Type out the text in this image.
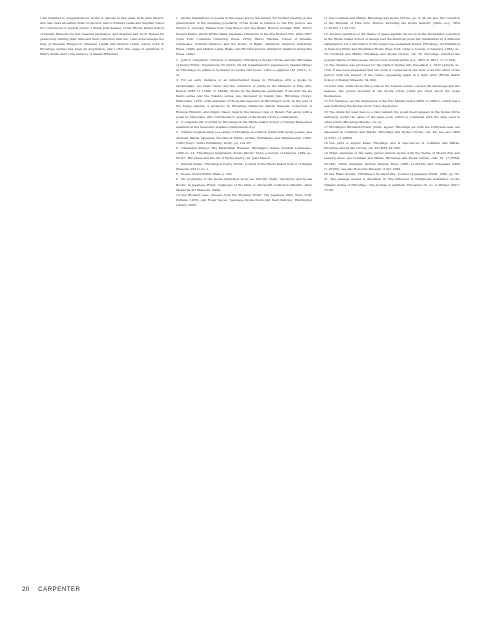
I am indebted to suggestions for works to discuss in this essay from Julia Meech, who also read an earlier draft of the text, and to Edward Lamb and Stephen Cabot for corrections of several points. I thank Joan Kenney of the Rhode Island School of Design Museum for her cheerful assistance, and Stephen and Scott Hessel for generously sharing their time and their collection with me. I also acknowledge the help of Suzanne Ringwood, Shannon Liptak and Andrew Lamb, whose work in Hiroshige studies has been an inspiration, and I offer this essay in gratitude to Henry Smith and to the memory of Sasaki Mitsuhiro.

1 All the translations of poems in this essay are by the author. For further reading on the phenomenon of the enduring popularity of the kyoka in relation to the Edo period, see Cheryl A. Crowley, Haikai Poet Yosa Buson and the Basho Revival (Leiden: Brill, 2007); Donald Keene, World Within Walls: Japanese Literature of the Pre-Modern Era, 1600–1867 (New York: Columbia University Press, 1976); Haruo Shirane, Traces of Dreams: Landscape, Cultural Memory, and the Poetry of Basho (Stanford: Stanford University Press, 1998); and Makoto Ueda, Basho and His Interpreters (Stanford: Stanford University Press, 1992).

2 John T. Carpenter, 'Textures of Antiquity: Hiroshige's Kyoka Circles and the Patronage of Poetry Prints,' Impressions 33 (2012): 42–63; translated into Japanese by Tanaka Shingo as 'Hiroshige no jukkai to kyokaren no kyoka zuri mono,' Ukiyo-e geijutsu 161 (2011): 5–21.

3 For an early instance of an immortalized image by Hiroshige with a kyoka by Shokusanjin, see Henri Vever and the collection of prints in the Museum of Fine Arts, Boston (MFA 11.17498, 11.18049). Works by the Meikyoku gentleman, from both the Ise Kaido series and the Tokaido series, are discussed in Suzuki Juzo, Hiroshige (Tokyo: Heibonsha, 1970), with examples of the kyoka sequence in Hiroshige's work. In the year of the Tempo famine, a surimono by Hiroshige (Shimoda: Kanda Museum; Collection of Hokuga Hidehiro and Kinjiro Yasui) depicts the famous view of Mount Fuji along with a poem by Shiyuyabe, who contributed to several of the Kyoka Circle's celebrations.

4 A complete list of prints by Hiroshige in the Rhode Island School of Design Museum is available at the museum's website (risdmuseum.org).

5 Tokaido Gojusan-tsugi is a series of Hiroshige woodblock prints with kyoka poems. See Andreas Marks, Japanese Woodblock Prints: Artists, Publishers and Masterworks, 1680–1900 (Tokyo: Tuttle Publishing, 2010), pp. 122–25.

6 Nakamura Kimpei 'The Katsushika Hokusai, Hiroshige's Series Oriental Landscape, 1996' no. 14. 'Hiroshige's Inspiration: Poetic Parody' Ukiyo-e Society of America, 1999, pp. 83–97; 'Hiroshige and the Art of Kyoka Poetry,' ed. Julia Meech.

7 Kikuchi Sadao, 'Hiroshige's Poetry Prints,' Journal of the Rhode Island School of Design Museum (2011), no. 1.

8 Keene, World Within Walls, p. 560.

9 On evolutions of the kyoka illustrated book see Timothy Clark, 'Surimono and Kyoka Books,' in Japanese Prints: Catalogue of the Mary A. Ainsworth Collection (Oberlin: Allen Memorial Art Museum, 1984).

10See Richard Lane, Images from the Floating World: The Japanese Print (New York: Putnam, 1978); and Roger Keyes, 'Japanese Kyoka Poets and their Patrons,' Huntington Library, 2006.

11See Coldman and Marks, Hiroshige and Kyoka Circles, pp. 4, 34–36; also the collection of the Museum of Fine Arts, Boston, including the kyoka tapestry prints (e.g., MFA 11.20165, 11.20175).

12Another rendition of the theme of geese against the moon in the Rockefeller collection at the Rhode Island School of Design had the identical poem but transmitted by a different calligrapher; for a discussion of the subject see Sebastian Izzard, Hiroshige: An Exhibition of Selected Prints and Illustrated Books (New York: Ukiyo-e Society of America, 1983), no. 35; Coldman and Marks, Hiroshige and Kyoka Circles, cat. 26. Hiroshige revisited the popular theme of three geese and moon in several prints (e.g., MFA 21.9871, 11.17104).

13The drawing was produced for the Carbon Spring Ark, December 1, 1832 (Adachi, no. 150). It has been suggested that the work is composed in the style of an Edo artist of the period, with the subject of the cuckoo appearing again in a later print (Rhode Island School of Design Museum, 34.190).

14Note that, while the kyoka poems in the Tokaido series concern the landscape and the seasons, the poems included in the Kyoka Circle prints are often about the poets themselves.

15For instance, see the impression of the Edo Meisho series (MFA 11.28051), which has a seal indicating the Kyoka Circle 'Tokyo Kyokuren'.

16The character used here is a rare variant; the poem itself appears in the Kyoka Circle anthology under the name of the same poet, which is consistent with the style used in other prints (Hiroshige Meisho, vol. 4).

17Hiroshige's Bird-and-Flower prints, signed 'Hiroshige ga' with the Ichiryusai seal, are discussed in Coldman and Marks, Hiroshige and Kyoka Circles, cat. 49; see also MFA 21.6701, 11.28060.

18The print is signed Kamo Hiroshige and is reproduced in Coldman and Marks, Hiroshige and Kyoka Circles, cat. 63 (MFA 34.189).

19Other examples of the same period include kyoka with the theme of Mount Fuji and evening snow; see Coldman and Marks, Hiroshige and Kyoka Circles, cats. 16, 17 (RISD, 34.198). Other examples include Sumida River (MFA 11.20183) and Tonegawa (MFA 11.20186); see also Honolulu Museum of Art, 1999.

20See Reiko Suzuki, 'Hiroshige's Kyoka Prints,' Journal of Japanese Prints, 1998, pp. 30–31. The passage quoted is discussed in 'The Influence of Traditional Aesthetics on the Tokaido Series of Hiroshige,' The Journal of Aesthetic Education 25, no. 4 (Winter 1991): 75–90.

20 CARPENTER
